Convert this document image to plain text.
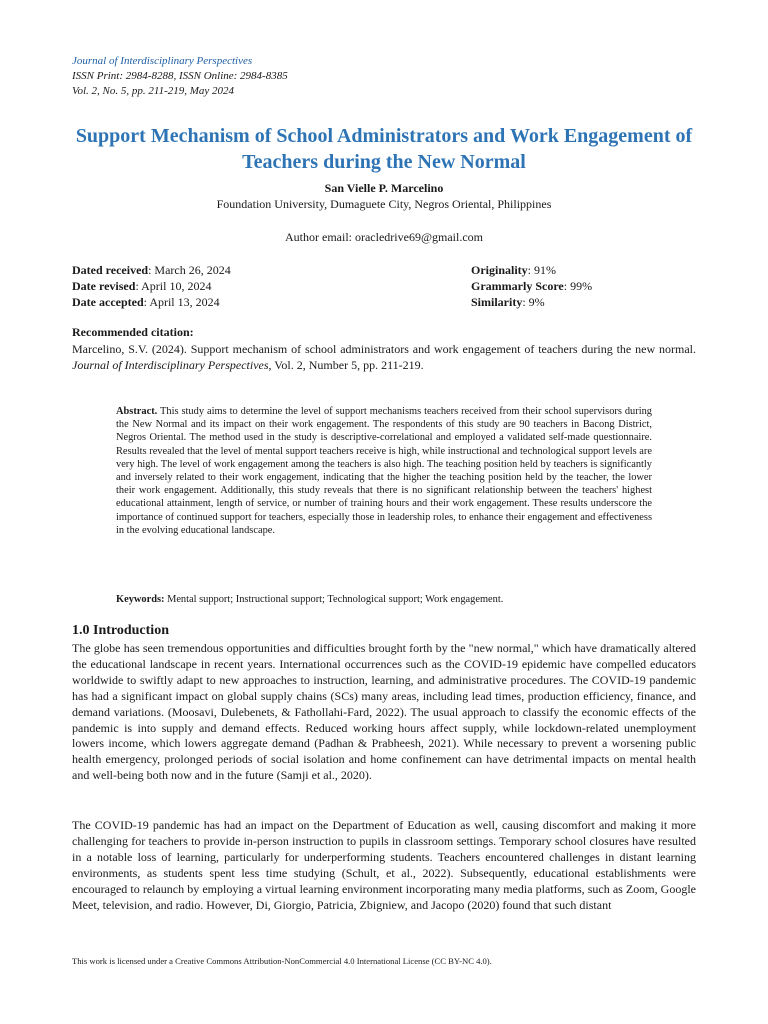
Journal of Interdisciplinary Perspectives
ISSN Print: 2984-8288, ISSN Online: 2984-8385
Vol. 2, No. 5, pp. 211-219, May 2024
Support Mechanism of School Administrators and Work Engagement of Teachers during the New Normal
San Vielle P. Marcelino
Foundation University, Dumaguete City, Negros Oriental, Philippines
Author email: oracledrive69@gmail.com
Dated received: March 26, 2024
Date revised: April 10, 2024
Date accepted: April 13, 2024
Originality: 91%
Grammarly Score: 99%
Similarity: 9%
Recommended citation:
Marcelino, S.V. (2024). Support mechanism of school administrators and work engagement of teachers during the new normal. Journal of Interdisciplinary Perspectives, Vol. 2, Number 5, pp. 211-219.
Abstract. This study aims to determine the level of support mechanisms teachers received from their school supervisors during the New Normal and its impact on their work engagement. The respondents of this study are 90 teachers in Bacong District, Negros Oriental. The method used in the study is descriptive-correlational and employed a validated self-made questionnaire. Results revealed that the level of mental support teachers receive is high, while instructional and technological support levels are very high. The level of work engagement among the teachers is also high. The teaching position held by teachers is significantly and inversely related to their work engagement, indicating that the higher the teaching position held by the teacher, the lower their work engagement. Additionally, this study reveals that there is no significant relationship between the teachers' highest educational attainment, length of service, or number of training hours and their work engagement. These results underscore the importance of continued support for teachers, especially those in leadership roles, to enhance their engagement and effectiveness in the evolving educational landscape.
Keywords: Mental support; Instructional support; Technological support; Work engagement.
1.0 Introduction
The globe has seen tremendous opportunities and difficulties brought forth by the "new normal," which have dramatically altered the educational landscape in recent years. International occurrences such as the COVID-19 epidemic have compelled educators worldwide to swiftly adapt to new approaches to instruction, learning, and administrative procedures. The COVID-19 pandemic has had a significant impact on global supply chains (SCs) many areas, including lead times, production efficiency, finance, and demand variations. (Moosavi, Dulebenets, & Fathollahi-Fard, 2022). The usual approach to classify the economic effects of the pandemic is into supply and demand effects. Reduced working hours affect supply, while lockdown-related unemployment lowers income, which lowers aggregate demand (Padhan & Prabheesh, 2021). While necessary to prevent a worsening public health emergency, prolonged periods of social isolation and home confinement can have detrimental impacts on mental health and well-being both now and in the future (Samji et al., 2020).
The COVID-19 pandemic has had an impact on the Department of Education as well, causing discomfort and making it more challenging for teachers to provide in-person instruction to pupils in classroom settings. Temporary school closures have resulted in a notable loss of learning, particularly for underperforming students. Teachers encountered challenges in distant learning environments, as students spent less time studying (Schult, et al., 2022). Subsequently, educational establishments were encouraged to relaunch by employing a virtual learning environment incorporating many media platforms, such as Zoom, Google Meet, television, and radio. However, Di, Giorgio, Patricia, Zbigniew, and Jacopo (2020) found that such distant
This work is licensed under a Creative Commons Attribution-NonCommercial 4.0 International License (CC BY-NC 4.0).
